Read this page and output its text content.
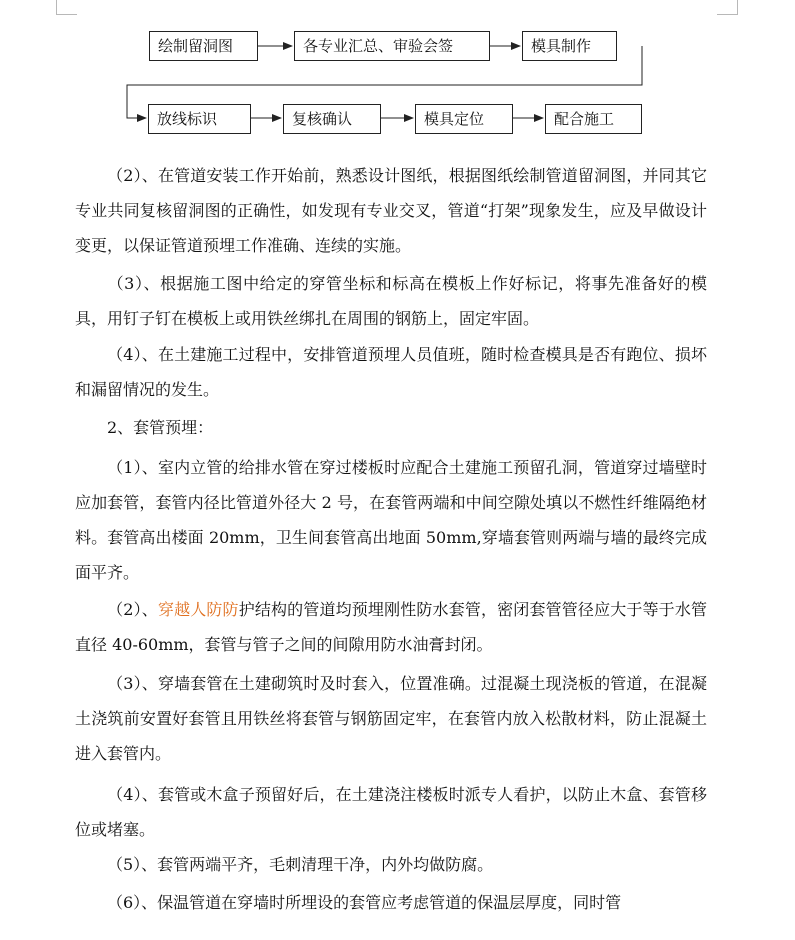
绘制留洞图	各专业汇总、审验会签	模具制作
放线标识	复核确认	模具定位	配合施工

（2）、在管道安装工作开始前，熟悉设计图纸，根据图纸绘制管道留洞图，并同其它专业共同复核留洞图的正确性，如发现有专业交叉，管道“打架”现象发生，应及早做设计变更，以保证管道预埋工作准确、连续的实施。

（3）、根据施工图中给定的穿管坐标和标高在模板上作好标记，将事先准备好的模具，用钉子钉在模板上或用铁丝绑扎在周围的钢筋上，固定牢固。

（4）、在土建施工过程中，安排管道预埋人员值班，随时检查模具是否有跑位、损坏和漏留情况的发生。

2、套管预埋：

（1）、室内立管的给排水管在穿过楼板时应配合土建施工预留孔洞，管道穿过墙壁时应加套管，套管内径比管道外径大 2 号，在套管两端和中间空隙处填以不燃性纤维隔绝材料。套管高出楼面 20mm，卫生间套管高出地面 50mm,穿墙套管则两端与墙的最终完成面平齐。

（2）、穿越人防防护结构的管道均预埋刚性防水套管，密闭套管管径应大于等于水管直径 40-60mm，套管与管子之间的间隙用防水油膏封闭。

（3）、穿墙套管在土建砌筑时及时套入，位置准确。过混凝土现浇板的管道，在混凝土浇筑前安置好套管且用铁丝将套管与钢筋固定牢，在套管内放入松散材料，防止混凝土进入套管内。

（4）、套管或木盒子预留好后，在土建浇注楼板时派专人看护，以防止木盒、套管移位或堵塞。

（5）、套管两端平齐，毛刺清理干净，内外均做防腐。

（6）、保温管道在穿墙时所埋设的套管应考虑管道的保温层厚度，同时管
